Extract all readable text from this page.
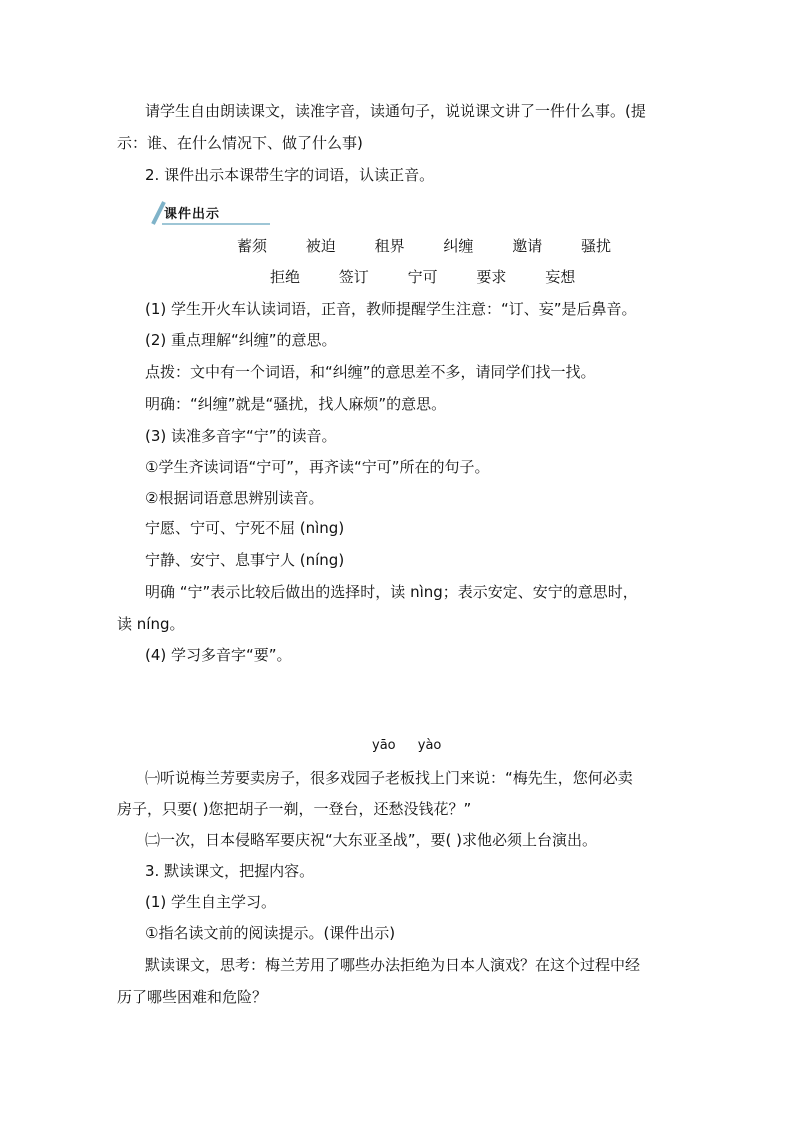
请学生自由朗读课文，读准字音，读通句子，说说课文讲了一件什么事。(提
示：谁、在什么情况下、做了什么事)
2. 课件出示本课带生字的词语，认读正音。
课件出示
蓄须	被迫	租界	纠缠	邀请	骚扰
拒绝	签订	宁可	要求	妄想
(1) 学生开火车认读词语，正音，教师提醒学生注意：“订、妄”是后鼻音。
(2) 重点理解“纠缠”的意思。
点拨：文中有一个词语，和“纠缠”的意思差不多，请同学们找一找。
明确：“纠缠”就是“骚扰，找人麻烦”的意思。
(3) 读准多音字“宁”的读音。
①学生齐读词语“宁可”，再齐读“宁可”所在的句子。
②根据词语意思辨别读音。
宁愿、宁可、宁死不屈 (nìng)
宁静、安宁、息事宁人 (níng)
明确 “宁”表示比较后做出的选择时，读 nìng；表示安定、安宁的意思时，
读 níng。
(4) 学习多音字“要”。
yāo yào
㈠听说梅兰芳要卖房子，很多戏园子老板找上门来说：“梅先生，您何必卖
房子，只要( )您把胡子一剃，一登台，还愁没钱花？”
㈡一次，日本侵略军要庆祝“大东亚圣战”，要( )求他必须上台演出。
3. 默读课文，把握内容。
(1) 学生自主学习。
①指名读文前的阅读提示。(课件出示)
默读课文，思考：梅兰芳用了哪些办法拒绝为日本人演戏？在这个过程中经
历了哪些困难和危险？
